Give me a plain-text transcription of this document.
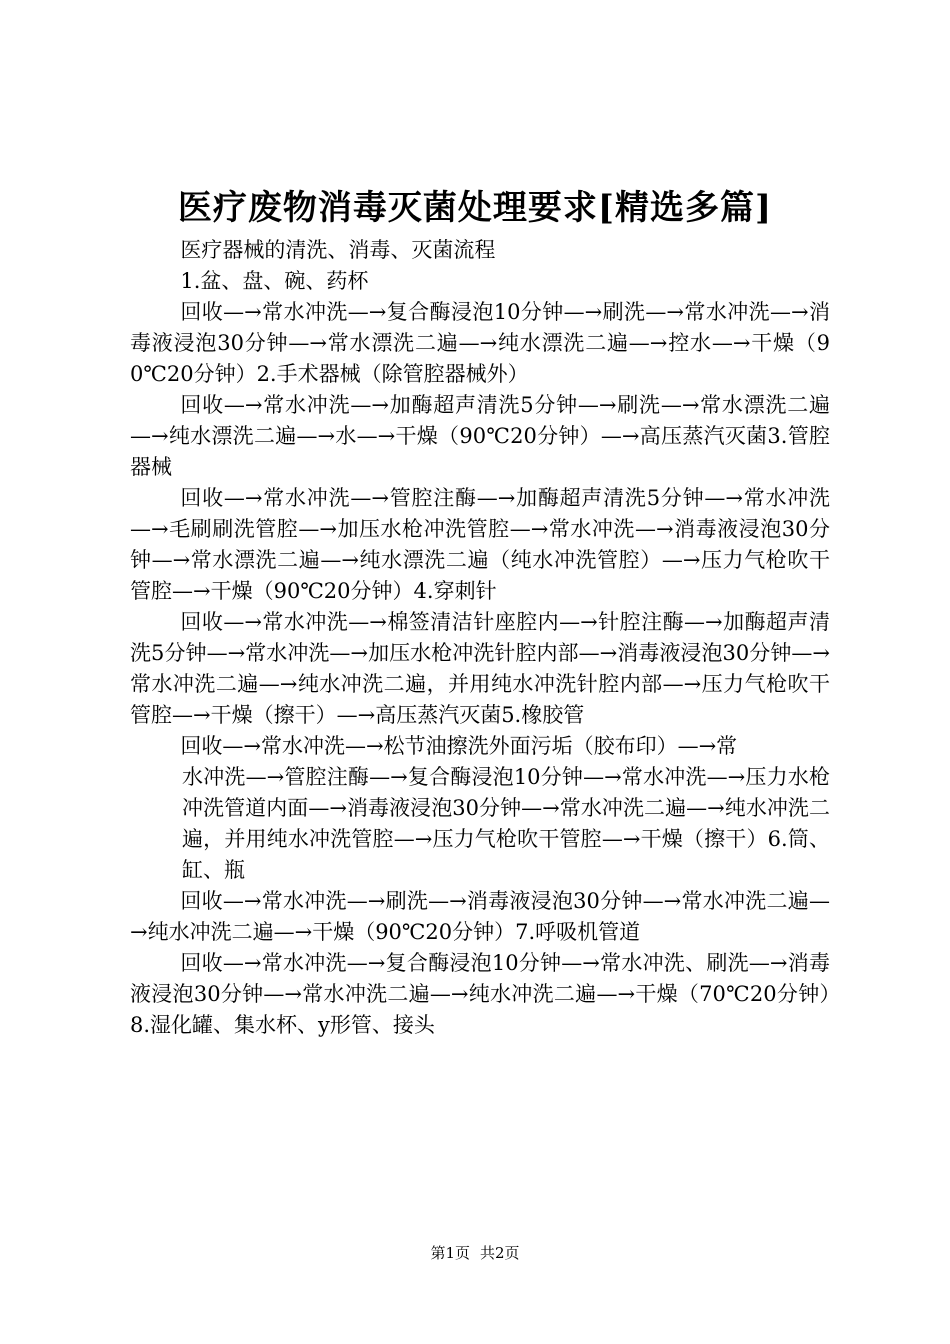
医疗废物消毒灭菌处理要求[精选多篇]

医疗器械的清洗、消毒、灭菌流程

1.盆、盘、碗、药杯

回收—→常水冲洗—→复合酶浸泡10分钟—→刷洗—→常水冲洗—→消毒液浸泡30分钟—→常水漂洗二遍—→纯水漂洗二遍—→控水—→干燥（90℃20分钟）2.手术器械（除管腔器械外）

回收—→常水冲洗—→加酶超声清洗5分钟—→刷洗—→常水漂洗二遍—→纯水漂洗二遍—→水—→干燥（90℃20分钟）—→高压蒸汽灭菌3.管腔器械

回收—→常水冲洗—→管腔注酶—→加酶超声清洗5分钟—→常水冲洗—→毛刷刷洗管腔—→加压水枪冲洗管腔—→常水冲洗—→消毒液浸泡30分钟—→常水漂洗二遍—→纯水漂洗二遍（纯水冲洗管腔）—→压力气枪吹干管腔—→干燥（90℃20分钟）4.穿刺针

回收—→常水冲洗—→棉签清洁针座腔内—→针腔注酶—→加酶超声清洗5分钟—→常水冲洗—→加压水枪冲洗针腔内部—→消毒液浸泡30分钟—→常水冲洗二遍—→纯水冲洗二遍，并用纯水冲洗针腔内部—→压力气枪吹干管腔—→干燥（擦干）—→高压蒸汽灭菌5.橡胶管

回收—→常水冲洗—→松节油擦洗外面污垢（胶布印）—→常

水冲洗—→管腔注酶—→复合酶浸泡10分钟—→常水冲洗—→压力水枪冲洗管道内面—→消毒液浸泡30分钟—→常水冲洗二遍—→纯水冲洗二遍，并用纯水冲洗管腔—→压力气枪吹干管腔—→干燥（擦干）6.筒、缸、瓶

回收—→常水冲洗—→刷洗—→消毒液浸泡30分钟—→常水冲洗二遍—→纯水冲洗二遍—→干燥（90℃20分钟）7.呼吸机管道

回收—→常水冲洗—→复合酶浸泡10分钟—→常水冲洗、刷洗—→消毒液浸泡30分钟—→常水冲洗二遍—→纯水冲洗二遍—→干燥（70℃20分钟）8.湿化罐、集水杯、y形管、接头

第1页 共2页
